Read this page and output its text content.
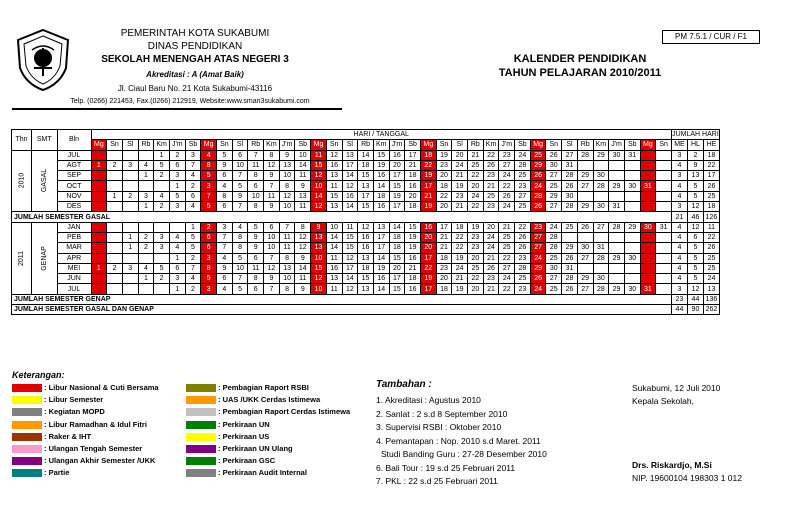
PEMERINTAH KOTA SUKABUMI
DINAS PENDIDIKAN
SEKOLAH MENENGAH ATAS NEGERI 3
Akreditasi : A (Amat Baik)
Jl. Ciaul Baru No. 21 Kota Sukabumi-43116
Telp. (0266) 221453, Fax.(0266) 212919, Website:www.sman3sukabumi.com
PM 7.5.1 / CUR / F1
KALENDER PENDIDIKAN
TAHUN PELAJARAN 2010/2011
Thn	SMT	Bln	HARI / TANGGAL																																					JUMLAH HARI		
			Mg	Sn	Sl	Rb	Km	J'm	Sb	Mg	Sn	Sl	Rb	Km	J'm	Sb	Mg	Sn	Sl	Rb	Km	J'm	Sb	Mg	Sn	Sl	Rb	Km	J'm	Sb	Mg	Sn	Sl	Rb	Km	J'm	Sb	Mg	Sn	ME	HL	HE
2010	GASAL	JUL					1	2	3	4	5	6	7	8	9	10	11	12	13	14	15	16	17	18	19	20	21	22	23	24	25	26	27	28	29	30	31			3	2	18
		AGT	1	2	3	4	5	6	7	8	9	10	11	12	13	14	15	16	17	18	19	20	21	22	23	24	25	26	27	28	29	30	31							4	9	22
		SEP				1	2	3	4	5	6	7	8	9	10	11	12	13	14	15	16	17	18	19	20	21	22	23	24	25	26	27	28	29	30					3	13	17
		OCT						1	2	3	4	5	6	7	8	9	10	11	12	13	14	15	16	17	18	19	20	21	22	23	24	25	26	27	28	29	30	31		4	5	26
		NOV		1	2	3	4	5	6	7	8	9	10	11	12	13	14	15	16	17	18	19	20	21	22	23	24	25	26	27	28	29	30							4	5	25
		DES				1	2	3	4	5	6	7	8	9	10	11	12	13	14	15	16	17	18	19	20	21	22	23	24	25	26	27	28	29	30	31				3	12	18
JUMLAH SEMESTER GASAL																																								21	46	126
2011	GENAP	JAN							1	2	3	4	5	6	7	8	9	10	11	12	13	14	15	16	17	18	19	20	21	22	23	24	25	26	27	28	29	30	31	4	12	11
		PEB			1	2	3	4	5	6	7	8	9	10	11	12	13	14	15	16	17	18	19	20	21	22	23	24	25	26	27	28								4	6	22
		MAR			1	2	3	4	5	6	7	8	9	10	11	12	13	14	15	16	17	18	19	20	21	22	23	24	25	26	27	28	29	30	31					4	5	26
		APR						1	2	3	4	5	6	7	8	9	10	11	12	13	14	15	16	17	18	19	20	21	22	23	24	25	26	27	28	29	30			4	5	25
		MEI	1	2	3	4	5	6	7	8	9	10	11	12	13	14	15	16	17	18	19	20	21	22	23	24	25	26	27	28	29	30	31							4	5	25
		JUN				1	2	3	4	5	6	7	8	9	10	11	12	13	14	15	16	17	18	19	20	21	22	23	24	25	26	27	28	29	30					4	5	24
		JUL						1	2	3	4	5	6	7	8	9	10	11	12	13	14	15	16	17	18	19	20	21	22	23	24	25	26	27	28	29	30	31		3	12	13
JUMLAH SEMESTER GENAP																																								23	44	136
JUMLAH SEMESTER GASAL DAN GENAP																																								44	90	262
Keterangan:
: Libur Nasional & Cuti Bersama
: Libur Semester
: Kegiatan MOPD
: Libur Ramadhan & Idul Fitri
: Raker & IHT
: Ulangan Tengah Semester
: Ulangan Akhir Semester /UKK
: Partie
: Pembagian Raport RSBI
: UAS /UKK Cerdas Istimewa
: Pembagian Raport Cerdas Istimewa
: Perkiraan UN
: Perkiraan US
: Perkiraan UN Ulang
: Perkiraan GSC
: Perkiraan Audit Internal
Tambahan :
1. Akreditasi : Agustus 2010
2. Sanlat : 2 s.d 8 September 2010
3. Supervisi RSBI : Oktober 2010
4. Pemantapan : Nop. 2010 s.d Maret. 2011
Studi Banding Guru : 27-28 Desember 2010
6. Bali Tour : 19 s.d 25 Februari 2011
7. PKL : 22 s.d 25 Februari 2011
Sukabumi, 12 Juli 2010
Kepala Sekolah,
Drs. Riskardjo, M.Si
NIP. 19600104 198303 1 012
